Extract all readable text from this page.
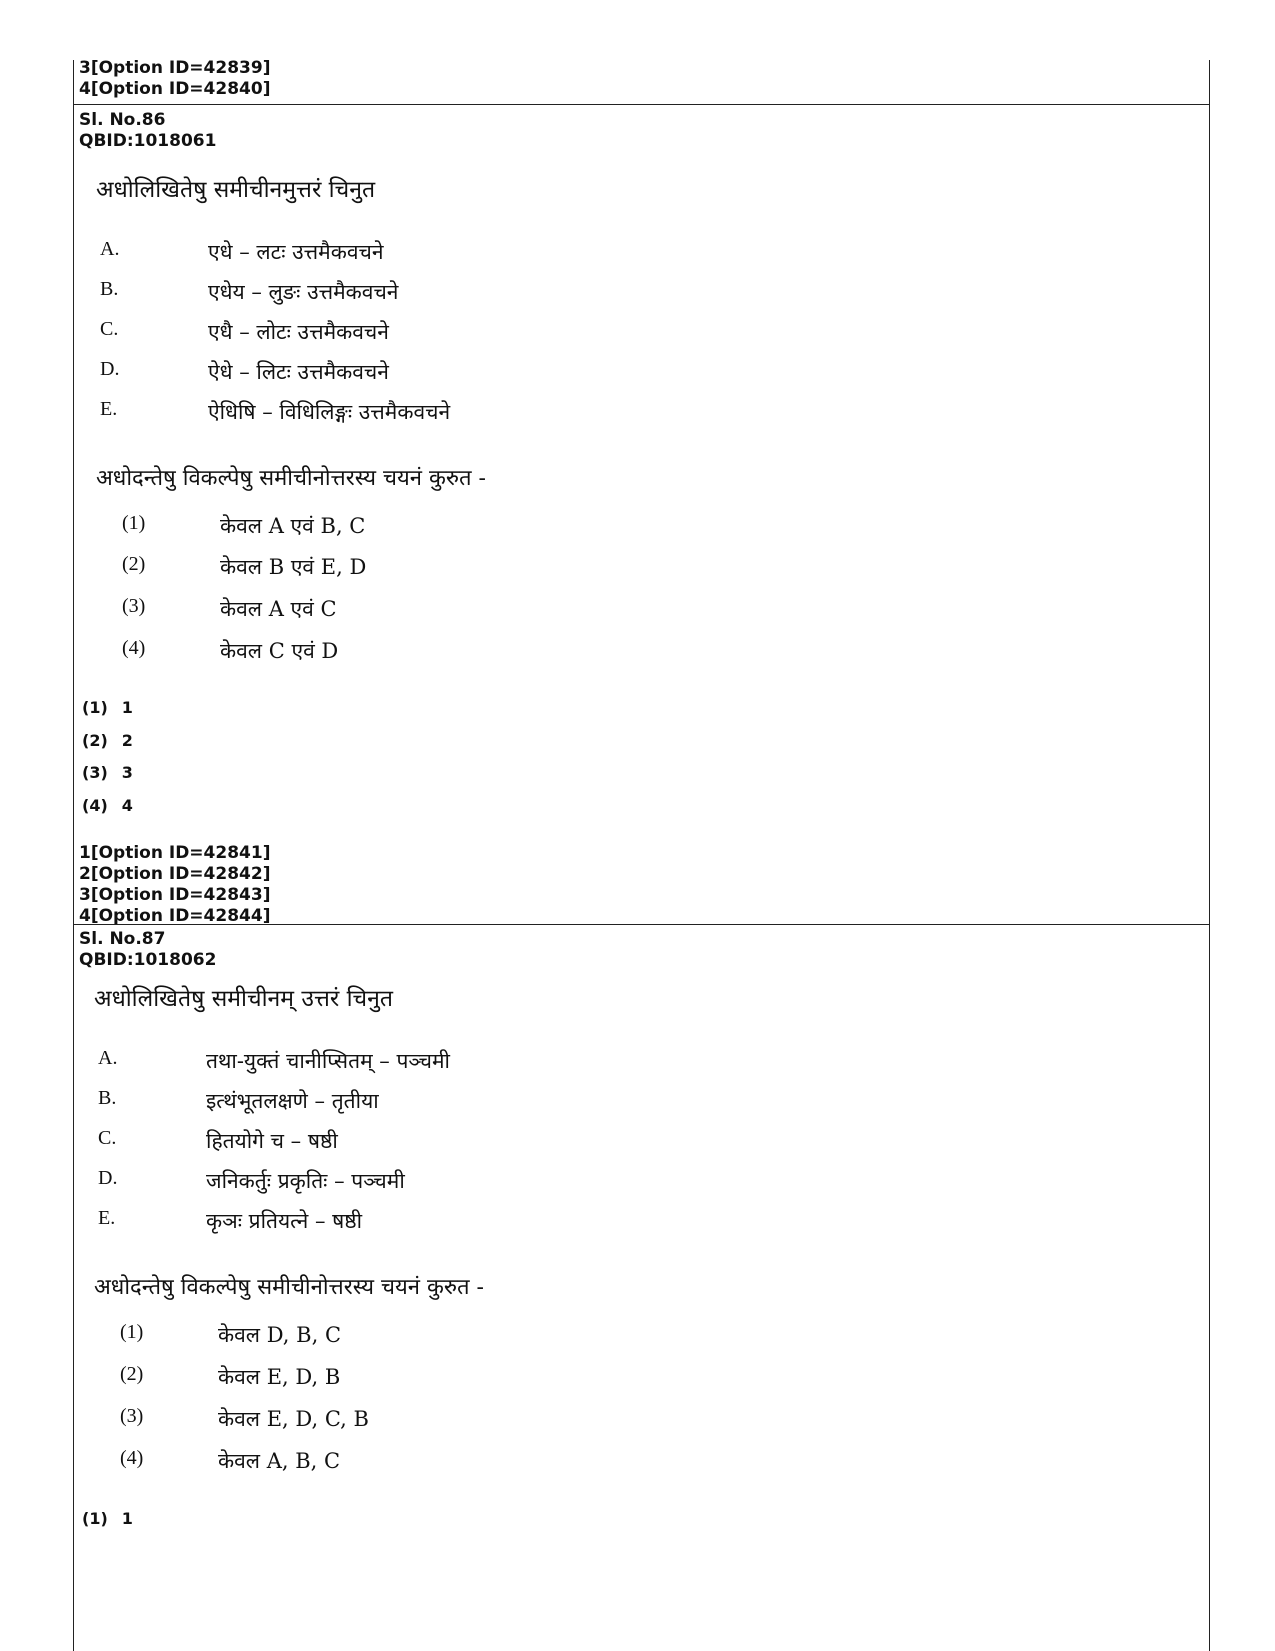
3[Option ID=42839]
4[Option ID=42840]
Sl. No.86
QBID:1018061
अधोलिखितेषु समीचीनमुत्तरं चिनुत
A.	एधे – लटः उत्तमैकवचने
B.	एधेय – लुङः उत्तमैकवचने
C.	एधै – लोटः उत्तमैकवचने
D.	ऐधे – लिटः उत्तमैकवचने
E.	ऐधिषि – विधिलिङ्गः उत्तमैकवचने
अधोदन्तेषु विकल्पेषु समीचीनोत्तरस्य चयनं कुरुत -
(1)	केवल A एवं B, C
(2)	केवल B एवं E, D
(3)	केवल A एवं C
(4)	केवल C एवं D
(1) 1
(2) 2
(3) 3
(4) 4
1[Option ID=42841]
2[Option ID=42842]
3[Option ID=42843]
4[Option ID=42844]
Sl. No.87
QBID:1018062
अधोलिखितेषु समीचीनम् उत्तरं चिनुत
A.	तथा-युक्तं चानीप्सितम् – पञ्चमी
B.	इत्थंभूतलक्षणे – तृतीया
C.	हितयोगे च – षष्ठी
D.	जनिकर्तुः प्रकृतिः – पञ्चमी
E.	कृञः प्रतियत्ने – षष्ठी
अधोदन्तेषु विकल्पेषु समीचीनोत्तरस्य चयनं कुरुत -
(1)	केवल D, B, C
(2)	केवल E, D, B
(3)	केवल E, D, C, B
(4)	केवल A, B, C
(1) 1
